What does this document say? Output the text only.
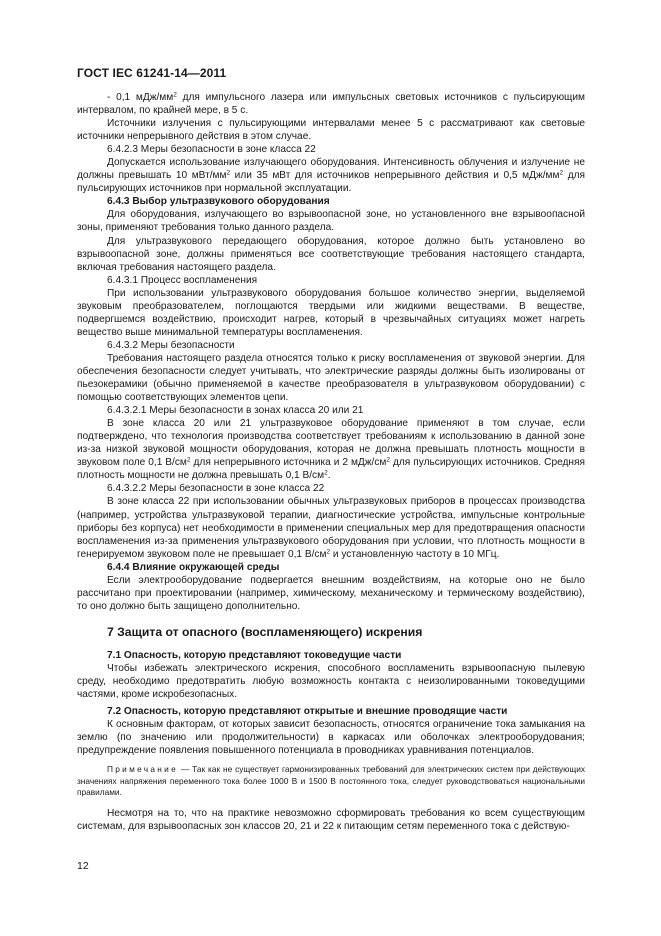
ГОСТ IEC 61241-14—2011

- 0,1 мДж/$мм^2$ для импульсного лазера или импульсных световых источников с пульсирующим интервалом, по крайней мере, в 5 с.

Источники излучения с пульсирующими интервалами менее 5 с рассматривают как световые источники непрерывного действия в этом случае.

6.4.2.3 Меры безопасности в зоне класса 22

Допускается использование излучающего оборудования. Интенсивность облучения и излучение не должны превышать 10 мВт/$мм^2$ или 35 мВт для источников непрерывного действия и 0,5 мДж/$мм^2$ для пульсирующих источников при нормальной эксплуатации.

6.4.3 Выбор ультразвукового оборудования

Для оборудования, излучающего во взрывоопасной зоне, но установленного вне взрывоопасной зоны, применяют требования только данного раздела.

Для ультразвукового передающего оборудования, которое должно быть установлено во взрывоопасной зоне, должны применяться все соответствующие требования настоящего стандарта, включая требования настоящего раздела.

6.4.3.1 Процесс воспламенения

При использовании ультразвукового оборудования большое количество энергии, выделяемой звуковым преобразователем, поглощаются твердыми или жидкими веществами. В веществе, подвергшемся воздействию, происходит нагрев, который в чрезвычайных ситуациях может нагреть вещество выше минимальной температуры воспламенения.

6.4.3.2 Меры безопасности

Требования настоящего раздела относятся только к риску воспламенения от звуковой энергии. Для обеспечения безопасности следует учитывать, что электрические разряды должны быть изолированы от пьезокерамики (обычно применяемой в качестве преобразователя в ультразвуковом оборудовании) с помощью соответствующих элементов цепи.

6.4.3.2.1 Меры безопасности в зонах класса 20 или 21

В зоне класса 20 или 21 ультразвуковое оборудование применяют в том случае, если подтверждено, что технология производства соответствует требованиям к использованию в данной зоне из-за низкой звуковой мощности оборудования, которая не должна превышать плотность мощности в звуковом поле 0,1 $В/см^2$ для непрерывного источника и 2 мДж/$см^2$ для пульсирующих источников. Средняя плотность мощности не должна превышать 0,1 $В/см^2$.

6.4.3.2.2 Меры безопасности в зоне класса 22

В зоне класса 22 при использовании обычных ультразвуковых приборов в процессах производства (например, устройства ультразвуковой терапии, диагностические устройства, импульсные контрольные приборы без корпуса) нет необходимости в применении специальных мер для предотвращения опасности воспламенения из-за применения ультразвукового оборудования при условии, что плотность мощности в генерируемом звуковом поле не превышает 0,1 $В/см^2$ и установленную частоту в 10 МГц.

6.4.4 Влияние окружающей среды

Если электрооборудование подвергается внешним воздействиям, на которые оно не было рассчитано при проектировании (например, химическому, механическому и термическому воздействию), то оно должно быть защищено дополнительно.

7 Защита от опасного (воспламеняющего) искрения

7.1 Опасность, которую представляют токоведущие части

Чтобы избежать электрического искрения, способного воспламенить взрывоопасную пылевую среду, необходимо предотвратить любую возможность контакта с неизолированными токоведущими частями, кроме искробезопасных.

7.2 Опасность, которую представляют открытые и внешние проводящие части

К основным факторам, от которых зависит безопасность, относятся ограничение тока замыкания на землю (по значению или продолжительности) в каркасах или оболочках электрооборудования; предупреждение появления повышенного потенциала в проводниках уравнивания потенциалов.

Примечание — Так как не существует гармонизированных требований для электрических систем при действующих значениях напряжения переменного тока более 1000 В и 1500 В постоянного тока, следует руководствоваться национальными правилами.

Несмотря на то, что на практике невозможно сформировать требования ко всем существующим системам, для взрывоопасных зон классов 20, 21 и 22 к питающим сетям переменного тока с действую-

12
